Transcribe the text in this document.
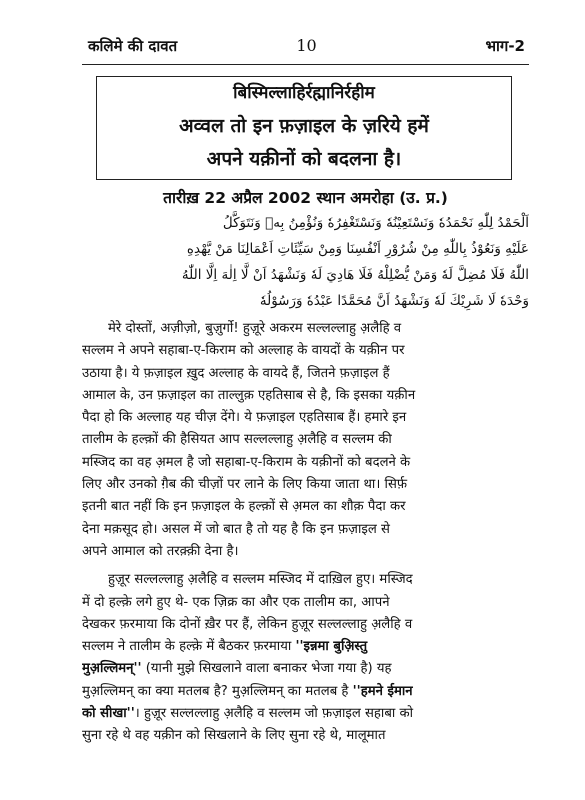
कलिमे की दावत	10	भाग-2
बिस्मिल्लाहिर्रह्मानिर्रहीम
अव्वल तो इन फ़ज़ाइल के ज़रिये हमें
अपने यक़ीनों को बदलना है।
तारीख़ 22 अप्रैल 2002 स्थान अमरोहा (उ. प्र.)
اَلْحَمْدُ لِلّٰهِ نَحْمَدُهٗ وَنَسْتَعِيْنُهٗ وَنَسْتَغْفِرُهٗ وَنُؤْمِنُ بِهٖ وَنَتَوَكَّلُ
عَلَيْهِ وَنَعُوْذُ بِاللّٰهِ مِنْ شُرُوْرِ اَنْفُسِنَا وَمِنْ سَيِّئَاتِ اَعْمَالِنَا مَنْ يَّهْدِهِ
اللّٰهُ فَلَا مُضِلَّ لَهٗ وَمَنْ يُّضْلِلْهُ فَلَا هَادِيَ لَهٗ وَنَشْهَدُ اَنْ لَّا اِلٰهَ اِلَّا اللّٰهُ
وَحْدَهٗ لَا شَرِيْكَ لَهٗ وَنَشْهَدُ اَنَّ مُحَمَّدًا عَبْدُهٗ وَرَسُوْلُهٗ
मेरे दोस्तों, अज़ीज़ो, बुज़ुर्गो! हुज़ूरे अकरम सल्लल्लाहु अ़लैहि व
सल्लम ने अपने सहाबा-ए-किराम को अल्लाह के वायदों के यक़ीन पर
उठाया है। ये फ़ज़ाइल ख़ुद अल्लाह के वायदे हैं, जितने फ़ज़ाइल हैं
आमाल के, उन फ़ज़ाइल का ताल्लुक़ एहतिसाब से है, कि इसका यक़ीन
पैदा हो कि अल्लाह यह चीज़ देंगे। ये फ़ज़ाइल एहतिसाब हैं। हमारे इन
तालीम के हल्क़ों की हैसियत आप सल्लल्लाहु अ़लैहि व सल्लम की
मस्जिद का वह अ़मल है जो सहाबा-ए-किराम के यक़ीनों को बदलने के
लिए और उनको ग़ैब की चीज़ों पर लाने के लिए किया जाता था। सिर्फ़
इतनी बात नहीं कि इन फ़ज़ाइल के हल्क़ों से अ़मल का शौक़ पैदा कर
देना मक़सूद हो। असल में जो बात है तो यह है कि इन फ़ज़ाइल से
अपने आमाल को तरक़्क़ी देना है।
हुज़ूर सल्लल्लाहु अ़लैहि व सल्लम मस्जिद में दाख़िल हुए। मस्जिद
में दो हल्क़े लगे हुए थे- एक ज़िक्र का और एक तालीम का, आपने
देखकर फ़रमाया कि दोनों ख़ैर पर हैं, लेकिन हुज़ूर सल्लल्लाहु अ़लैहि व
सल्लम ने तालीम के हल्क़े में बैठकर फ़रमाया ''इन्नमा बुअ़िस्तु
मुअ़ल्लिमन्'' (यानी मुझे सिखलाने वाला बनाकर भेजा गया है) यह
मुअ़ल्लिमन् का क्या मतलब है? मुअ़ल्लिमन् का मतलब है ''हमने ईमान
को सीखा''। हुज़ूर सल्लल्लाहु अ़लैहि व सल्लम जो फ़ज़ाइल सहाबा को
सुना रहे थे वह यक़ीन को सिखलाने के लिए सुना रहे थे, मालूमात
